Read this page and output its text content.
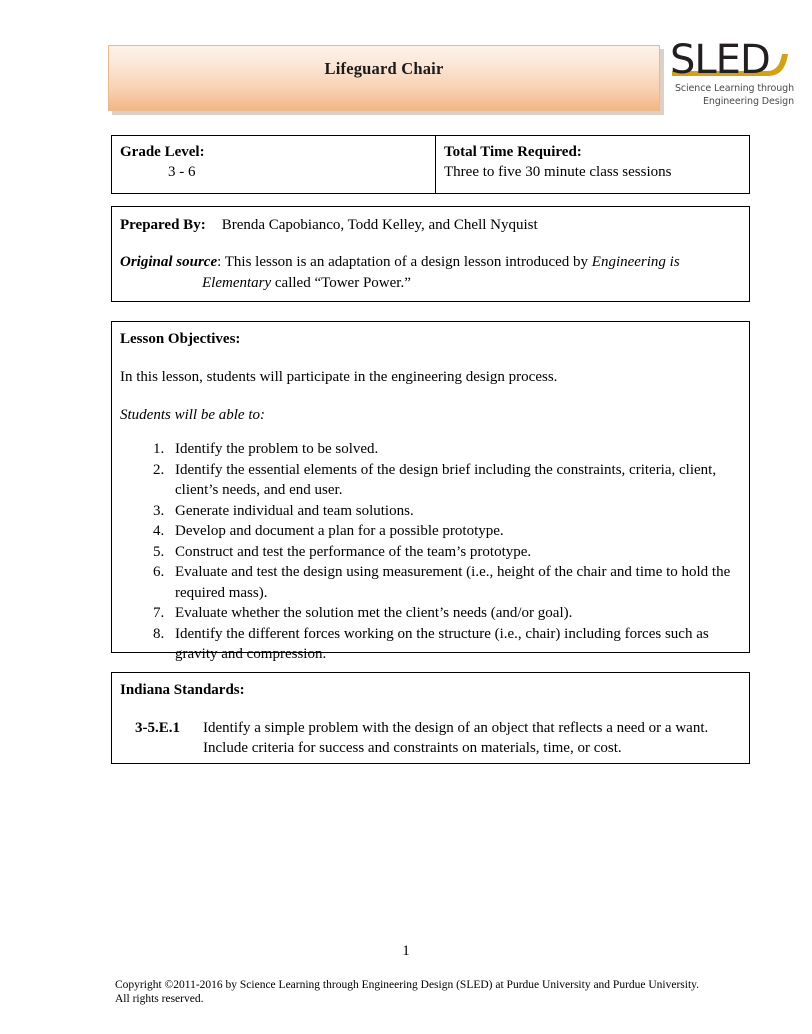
Lifeguard Chair	SLED
Science Learning through
Engineering Design
Grade Level:
3 - 6
Total Time Required:
Three to five 30 minute class sessions
Prepared By: Brenda Capobianco, Todd Kelley, and Chell Nyquist
Original source: This lesson is an adaptation of a design lesson introduced by Engineering is
Elementary called “Tower Power.”
Lesson Objectives:
In this lesson, students will participate in the engineering design process.
Students will be able to:
1. Identify the problem to be solved.
2. Identify the essential elements of the design brief including the constraints, criteria, client, client’s needs, and end user.
3. Generate individual and team solutions.
4. Develop and document a plan for a possible prototype.
5. Construct and test the performance of the team’s prototype.
6. Evaluate and test the design using measurement (i.e., height of the chair and time to hold the required mass).
7. Evaluate whether the solution met the client’s needs (and/or goal).
8. Identify the different forces working on the structure (i.e., chair) including forces such as gravity and compression.
Indiana Standards:
3-5.E.1	Identify a simple problem with the design of an object that reflects a need or a want. Include criteria for success and constraints on materials, time, or cost.
1
Copyright ©2011-2016 by Science Learning through Engineering Design (SLED) at Purdue University and Purdue University.
All rights reserved.
